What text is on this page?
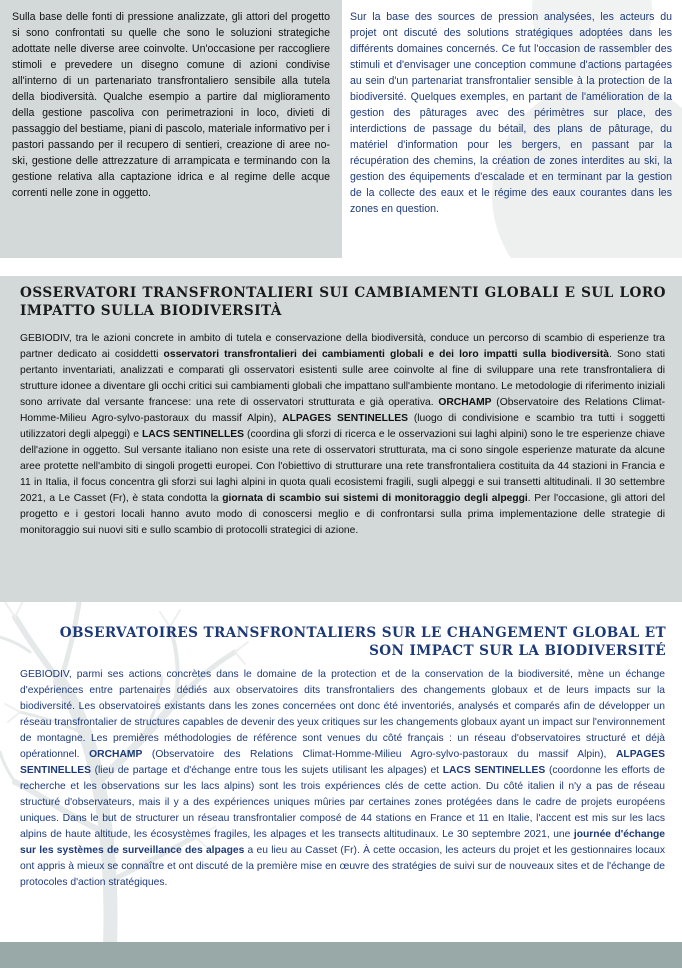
Sulla base delle fonti di pressione analizzate, gli attori del progetto si sono confrontati su quelle che sono le soluzioni strategiche adottate nelle diverse aree coinvolte. Un'occasione per raccogliere stimoli e prevedere un disegno comune di azioni condivise all'interno di un partenariato transfrontaliero sensibile alla tutela della biodiversità. Qualche esempio a partire dal miglioramento della gestione pascoliva con perimetrazioni in loco, divieti di passaggio del bestiame, piani di pascolo, materiale informativo per i pastori passando per il recupero di sentieri, creazione di aree no-ski, gestione delle attrezzature di arrampicata e terminando con la gestione relativa alla captazione idrica e al regime delle acque correnti nelle zone in oggetto.

Sur la base des sources de pression analysées, les acteurs du projet ont discuté des solutions stratégiques adoptées dans les différents domaines concernés. Ce fut l'occasion de rassembler des stimuli et d'envisager une conception commune d'actions partagées au sein d'un partenariat transfrontalier sensible à la protection de la biodiversité. Quelques exemples, en partant de l'amélioration de la gestion des pâturages avec des périmètres sur place, des interdictions de passage du bétail, des plans de pâturage, du matériel d'information pour les bergers, en passant par la récupération des chemins, la création de zones interdites au ski, la gestion des équipements d'escalade et en terminant par la gestion de la collecte des eaux et le régime des eaux courantes dans les zones en question.

OSSERVATORI TRANSFRONTALIERI SUI CAMBIAMENTI GLOBALI E SUL LORO IMPATTO SULLA BIODIVERSITÀ

GEBIODIV, tra le azioni concrete in ambito di tutela e conservazione della biodiversità, conduce un percorso di scambio di esperienze tra partner dedicato ai cosiddetti osservatori transfrontalieri dei cambiamenti globali e dei loro impatti sulla biodiversità. Sono stati pertanto inventariati, analizzati e comparati gli osservatori esistenti sulle aree coinvolte al fine di sviluppare una rete transfrontaliera di strutture idonee a diventare gli occhi critici sui cambiamenti globali che impattano sull'ambiente montano. Le metodologie di riferimento iniziali sono arrivate dal versante francese: una rete di osservatori strutturata e già operativa. ORCHAMP (Observatoire des Relations Climat-Homme-Milieu Agro-sylvo-pastoraux du massif Alpin), ALPAGES SENTINELLES (luogo di condivisione e scambio tra tutti i soggetti utilizzatori degli alpeggi) e LACS SENTINELLES (coordina gli sforzi di ricerca e le osservazioni sui laghi alpini) sono le tre esperienze chiave dell'azione in oggetto. Sul versante italiano non esiste una rete di osservatori strutturata, ma ci sono singole esperienze maturate da alcune aree protette nell'ambito di singoli progetti europei. Con l'obiettivo di strutturare una rete transfrontaliera costituita da 44 stazioni in Francia e 11 in Italia, il focus concentra gli sforzi sui laghi alpini in quota quali ecosistemi fragili, sugli alpeggi e sui transetti altitudinali. Il 30 settembre 2021, a Le Casset (Fr), è stata condotta la giornata di scambio sui sistemi di monitoraggio degli alpeggi. Per l'occasione, gli attori del progetto e i gestori locali hanno avuto modo di conoscersi meglio e di confrontarsi sulla prima implementazione delle strategie di monitoraggio sui nuovi siti e sullo scambio di protocolli strategici di azione.

OBSERVATOIRES TRANSFRONTALIERS SUR LE CHANGEMENT GLOBAL ET SON IMPACT SUR LA BIODIVERSITÉ

GEBIODIV, parmi ses actions concrètes dans le domaine de la protection et de la conservation de la biodiversité, mène un échange d'expériences entre partenaires dédiés aux observatoires dits transfrontaliers des changements globaux et de leurs impacts sur la biodiversité. Les observatoires existants dans les zones concernées ont donc été inventoriés, analysés et comparés afin de développer un réseau transfrontalier de structures capables de devenir des yeux critiques sur les changements globaux ayant un impact sur l'environnement de montagne. Les premières méthodologies de référence sont venues du côté français : un réseau d'observatoires structuré et déjà opérationnel. ORCHAMP (Observatoire des Relations Climat-Homme-Milieu Agro-sylvo-pastoraux du massif Alpin), ALPAGES SENTINELLES (lieu de partage et d'échange entre tous les sujets utilisant les alpages) et LACS SENTINELLES (coordonne les efforts de recherche et les observations sur les lacs alpins) sont les trois expériences clés de cette action. Du côté italien il n'y a pas de réseau structuré d'observateurs, mais il y a des expériences uniques mûries par certaines zones protégées dans le cadre de projets européens uniques. Dans le but de structurer un réseau transfrontalier composé de 44 stations en France et 11 en Italie, l'accent est mis sur les lacs alpins de haute altitude, les écosystèmes fragiles, les alpages et les transects altitudinaux. Le 30 septembre 2021, une journée d'échange sur les systèmes de surveillance des alpages a eu lieu au Casset (Fr). À cette occasion, les acteurs du projet et les gestionnaires locaux ont appris à mieux se connaître et ont discuté de la première mise en œuvre des stratégies de suivi sur de nouveaux sites et de l'échange de protocoles d'action stratégiques.
